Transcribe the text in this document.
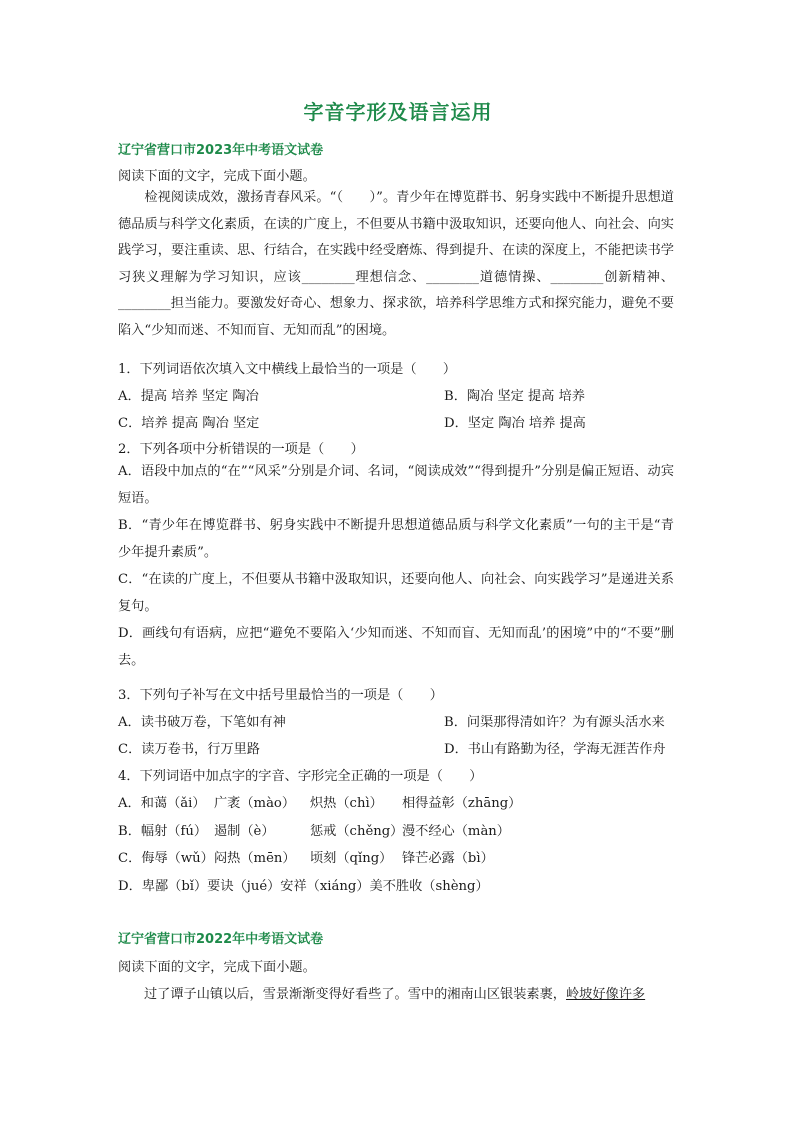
字音字形及语言运用
辽宁省营口市2023年中考语文试卷
阅读下面的文字，完成下面小题。
检视阅读成效，激扬青春风采。“（　　）”。青少年在博览群书、躬身实践中不断提升思想道德品质与科学文化素质，在读的广度上，不但要从书籍中汲取知识，还要向他人、向社会、向实践学习，要注重读、思、行结合，在实践中经受磨炼、得到提升、在读的深度上，不能把读书学习狭义理解为学习知识，应该________理想信念、________道德情操、________创新精神、________担当能力。要激发好奇心、想象力、探求欲，培养科学思维方式和探究能力，避免不要陷入“少知而迷、不知而盲、无知而乱”的困境。
1．下列词语依次填入文中横线上最恰当的一项是（　　）
A．提高 培养 坚定 陶冶	B．陶冶 坚定 提高 培养
C．培养 提高 陶冶 坚定	D．坚定 陶冶 培养 提高
2．下列各项中分析错误的一项是（　　）
A．语段中加点的“在”“风采”分别是介词、名词，“阅读成效”“得到提升”分别是偏正短语、动宾短语。
B．“青少年在博览群书、躬身实践中不断提升思想道德品质与科学文化素质”一句的主干是“青少年提升素质”。
C．“在读的广度上，不但要从书籍中汲取知识，还要向他人、向社会、向实践学习”是递进关系复句。
D．画线句有语病，应把“避免不要陷入‘少知而迷、不知而盲、无知而乱’的困境”中的“不要”删去。
3．下列句子补写在文中括号里最恰当的一项是（　　）
A．读书破万卷，下笔如有神	B．问渠那得清如许？为有源头活水来
C．读万卷书，行万里路	D．书山有路勤为径，学海无涯苦作舟
4．下列词语中加点字的字音、字形完全正确的一项是（　　）
A．和蔼（ǎi） 广袤（mào） 炽热（chì） 相得益彰（zhāng）
B．幅射（fú） 遏制（è）	惩戒（chěng）漫不经心（màn）
C．侮辱（wǔ）闷热（mēn） 顷刻（qǐng） 锋芒必露（bì）
D．卑鄙（bǐ）要诀（jué）安祥（xiáng）美不胜收（shèng）
辽宁省营口市2022年中考语文试卷
阅读下面的文字，完成下面小题。
过了谭子山镇以后，雪景渐渐变得好看些了。雪中的湘南山区银装素裹，岭坡好像许多
